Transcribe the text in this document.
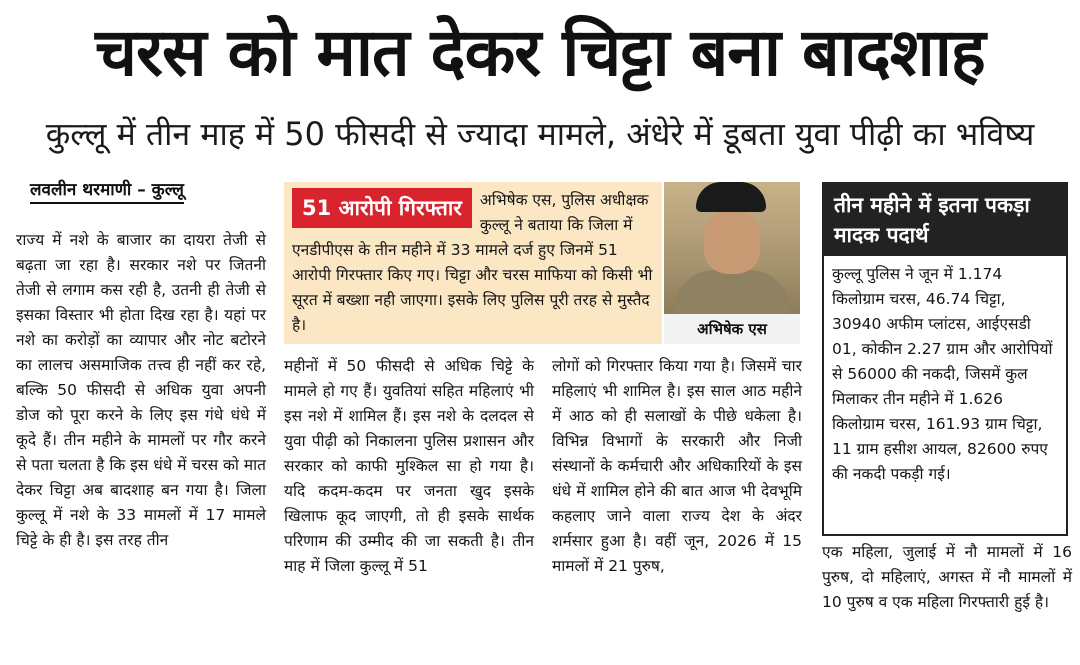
चरस को मात देकर चिट्टा बना बादशाह
कुल्लू में तीन माह में 50 फीसदी से ज्यादा मामले, अंधेरे में डूबता युवा पीढ़ी का भविष्य
लवलीन थरमाणी – कुल्लू

राज्य में नशे के बाजार का दायरा तेजी से बढ़ता जा रहा है। सरकार नशे पर जितनी तेजी से लगाम कस रही है, उतनी ही तेजी से इसका विस्तार भी होता दिख रहा है। यहां पर नशे का करोड़ों का व्यापार और नोट बटोरने का लालच असमाजिक तत्त्व ही नहीं कर रहे, बल्कि 50 फीसदी से अधिक युवा अपनी डोज को पूरा करने के लिए इस गंधे धंधे में कूदे हैं। तीन महीने के मामलों पर गौर करने से पता चलता है कि इस धंधे में चरस को मात देकर चिट्टा अब बादशाह बन गया है। जिला कुल्लू में नशे के 33 मामलों में 17 मामले चिट्टे के ही है। इस तरह तीन

51 आरोपी गिरफ्तार	अभिषेक एस, पुलिस अधीक्षक कुल्लू ने बताया कि जिला में एनडीपीएस के तीन महीने में 33 मामले दर्ज हुए जिनमें 51 आरोपी गिरफ्तार किए गए। चिट्टा और चरस माफिया को किसी भी सूरत में बख्शा नही जाएगा। इसके लिए पुलिस पूरी तरह से मुस्तैद है।	अभिषेक एस
तीन महीने में इतना पकड़ा मादक पदार्थ

कुल्लू पुलिस ने जून में 1.174 किलोग्राम चरस, 46.74 चिट्टा, 30940 अफीम प्लांटस, आईएसडी 01, कोकीन 2.27 ग्राम और आरोपियों से 56000 की नकदी, जिसमें कुल मिलाकर तीन महीने में 1.626 किलोग्राम चरस, 161.93 ग्राम चिट्टा, 11 ग्राम हसीश आयल, 82600 रुपए की नकदी पकड़ी गई।

महीनों में 50 फीसदी से अधिक चिट्टे के मामले हो गए हैं। युवतियां सहित महिलाएं भी इस नशे में शामिल हैं। इस नशे के दलदल से युवा पीढ़ी को निकालना पुलिस प्रशासन और सरकार को काफी मुश्किल सा हो गया है। यदि कदम-कदम पर जनता खुद इसके खिलाफ कूद जाएगी, तो ही इसके सार्थक परिणाम की उम्मीद की जा सकती है। तीन माह में जिला कुल्लू में 51

लोगों को गिरफ्तार किया गया है। जिसमें चार महिलाएं भी शामिल है। इस साल आठ महीने में आठ को ही सलाखों के पीछे धकेला है। विभिन्न विभागों के सरकारी और निजी संस्थानों के कर्मचारी और अधिकारियों के इस धंधे में शामिल होने की बात आज भी देवभूमि कहलाए जाने वाला राज्य देश के अंदर शर्मसार हुआ है। वहीं जून, 2026 में 15 मामलों में 21 पुरुष,

एक महिला, जुलाई में नौ मामलों में 16 पुरुष, दो महिलाएं, अगस्त में नौ मामलों में 10 पुरुष व एक महिला गिरफ्तारी हुई है।
